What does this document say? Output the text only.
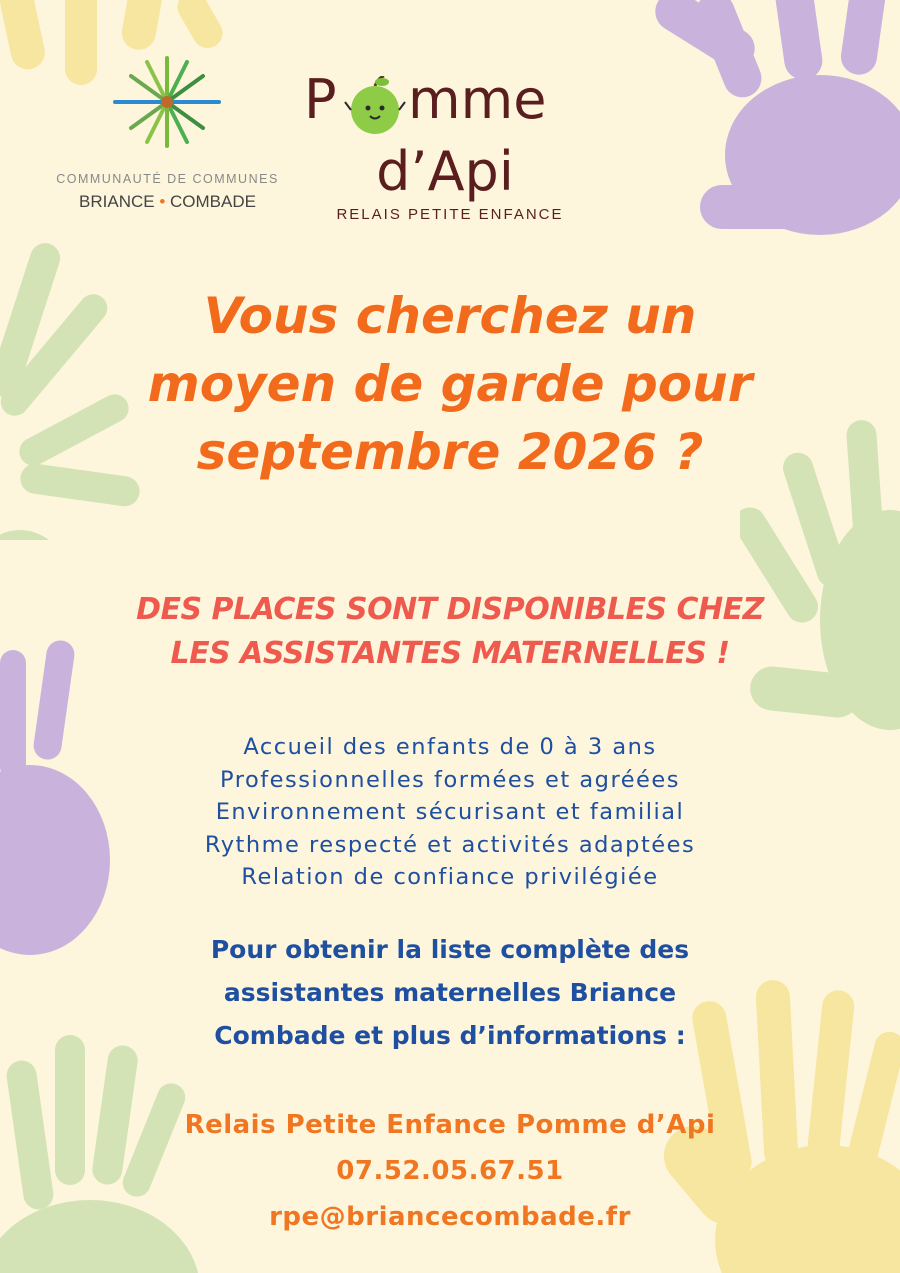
COMMUNAUTÉ DE COMMUNES
BRIANCE • COMBADE
P mme
d’Api
RELAIS PETITE ENFANCE
Vous cherchez un
moyen de garde pour
septembre 2026 ?
DES PLACES SONT DISPONIBLES CHEZ
LES ASSISTANTES MATERNELLES !
Accueil des enfants de 0 à 3 ans
Professionnelles formées et agréées
Environnement sécurisant et familial
Rythme respecté et activités adaptées
Relation de confiance privilégiée
Pour obtenir la liste complète des
assistantes maternelles Briance
Combade et plus d’informations :
Relais Petite Enfance Pomme d’Api
07.52.05.67.51
rpe@briancecombade.fr
